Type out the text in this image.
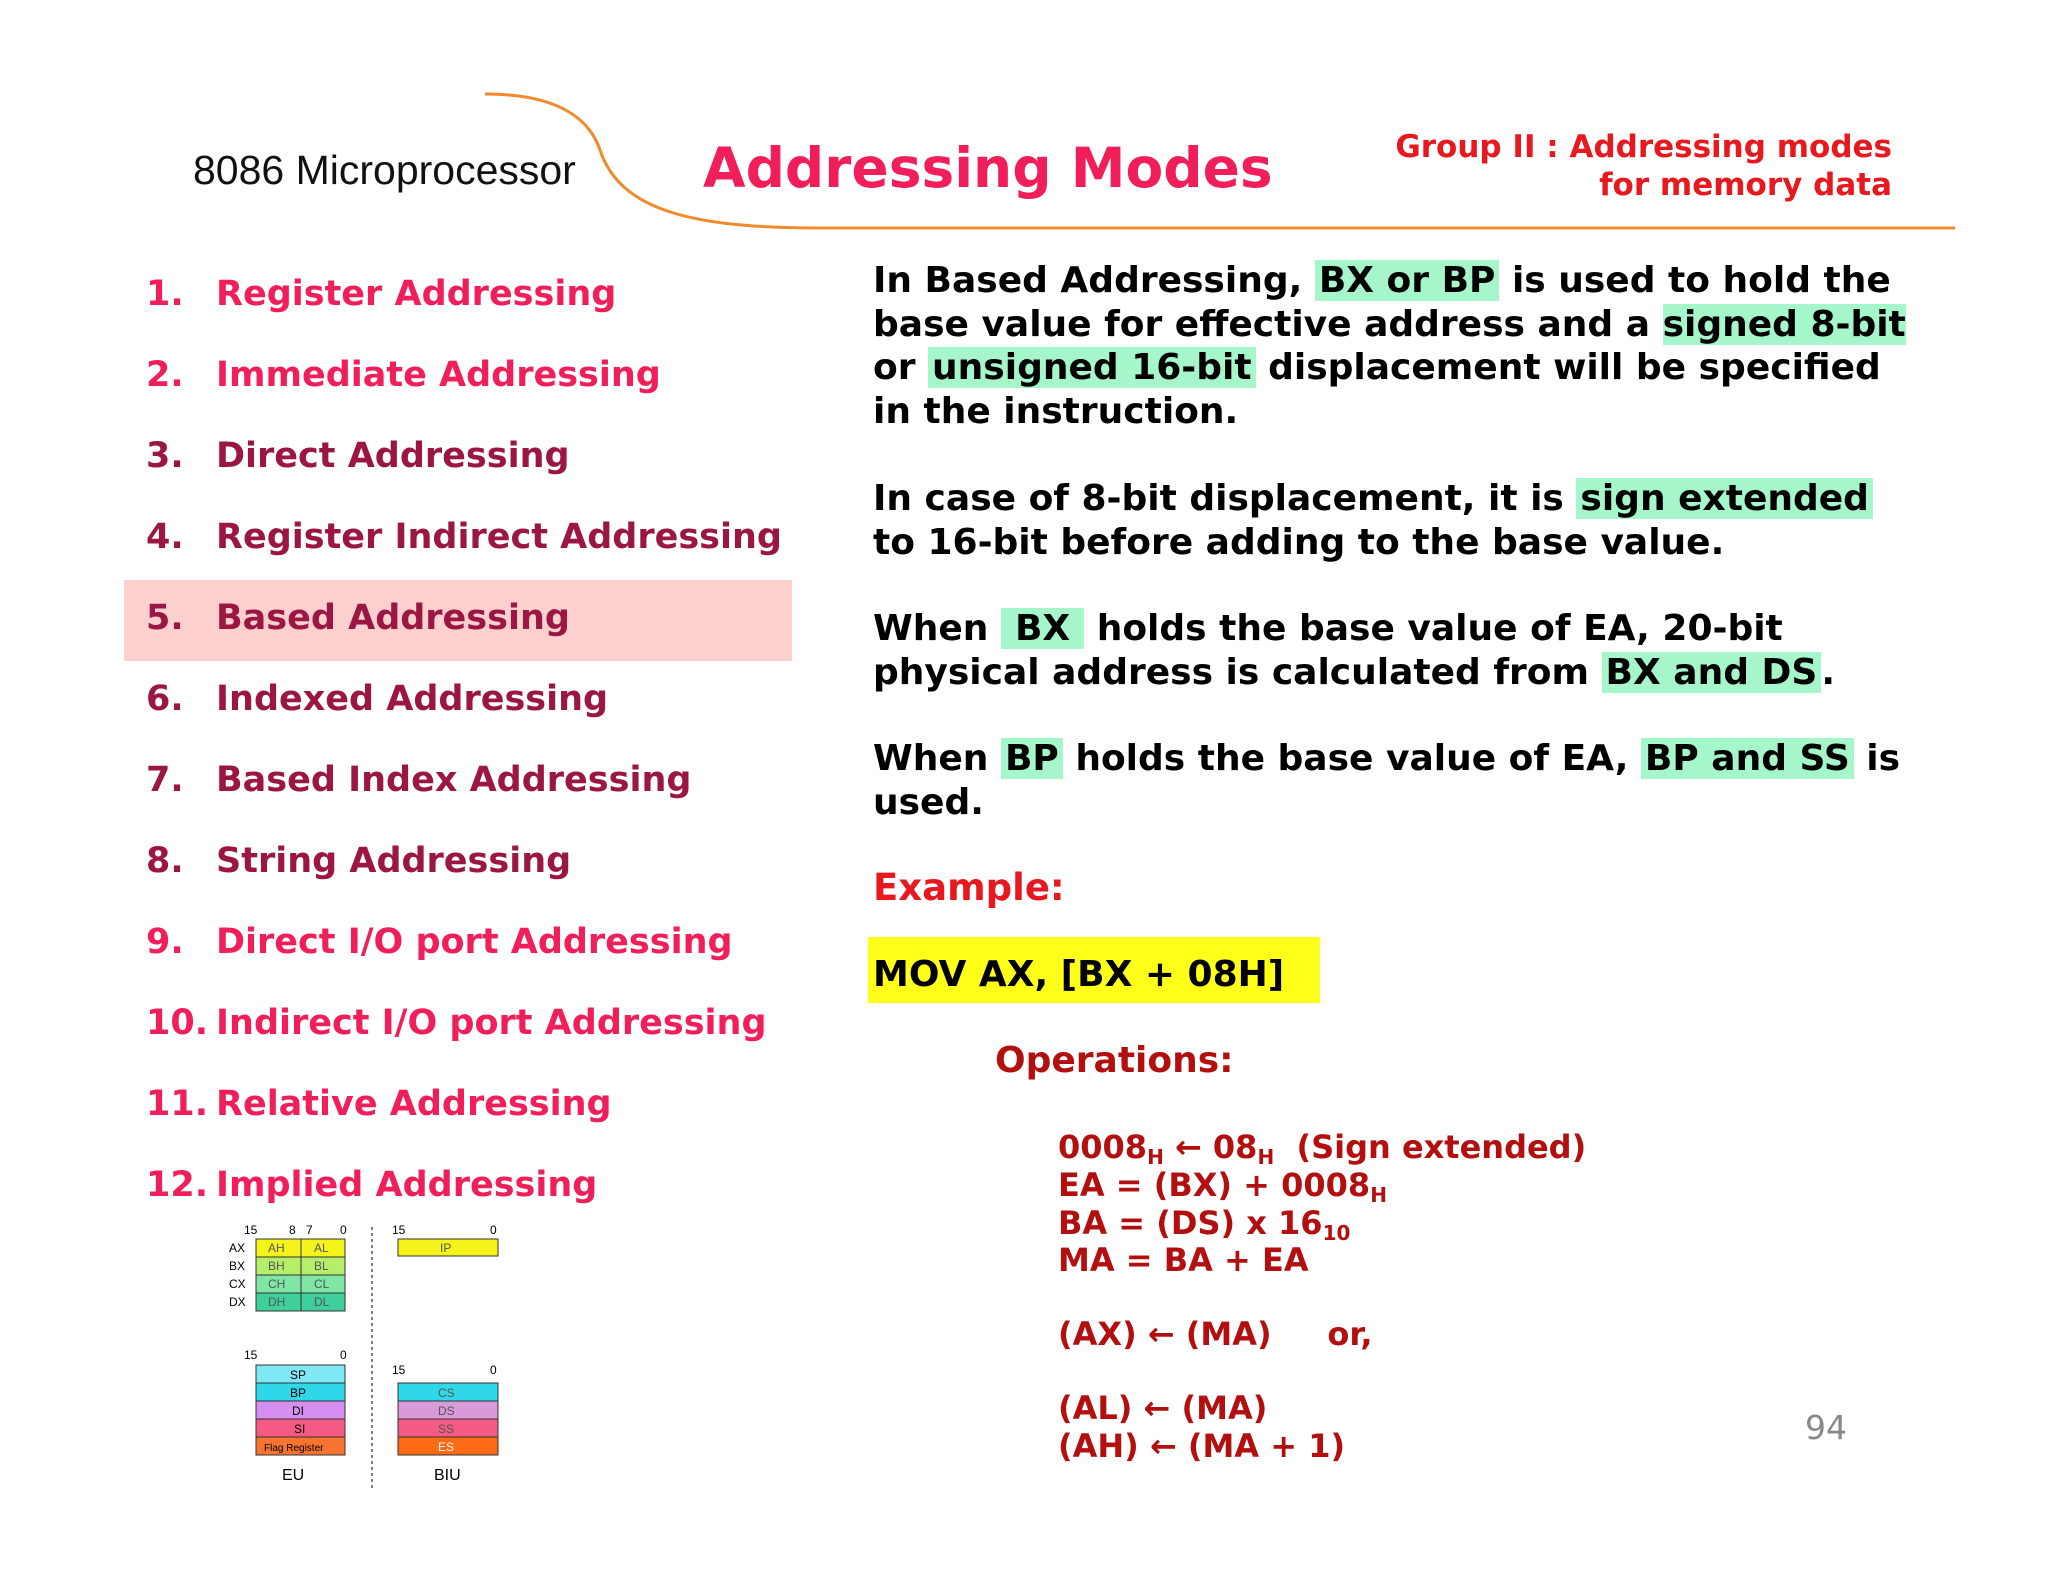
8086 Microprocessor Addressing Modes	Group II : Addressing modes
for memory data
1. Register Addressing
2. Immediate Addressing
3. Direct Addressing
4. Register Indirect Addressing
5. Based Addressing
6. Indexed Addressing
7. Based Index Addressing
8. String Addressing
9. Direct I/O port Addressing
10. Indirect I/O port Addressing
11. Relative Addressing
12. Implied Addressing
In Based Addressing, BX or BP is used to hold the
base value for effective address and a signed 8-bit
or unsigned 16-bit displacement will be specified
in the instruction.
In case of 8-bit displacement, it is sign extended
to 16-bit before adding to the base value.
When BX holds the base value of EA, 20-bit
physical address is calculated from BX and DS .
When BP holds the base value of EA, BP and SS is
used.
Example:
MOV AX, [BX + 08H]
Operations:
$0008_H$ ← $08_H$ (Sign extended)
EA = $(BX) + 0008_H$
BA = (DS) x $16_{10}$
MA = BA + EA
(AX) ← (MA)     or,
(AL) ← (MA)
(AH) ← (MA + 1)	94
15	8 7 0
AX
BX
CX
DX
AH
BH
CH
DH
AL
BL
CL
DL
15	0
SP
BP
DI
SI
Flag Register
EU
15	0
IP
15	0
CS
DS
SS
ES
BIU
